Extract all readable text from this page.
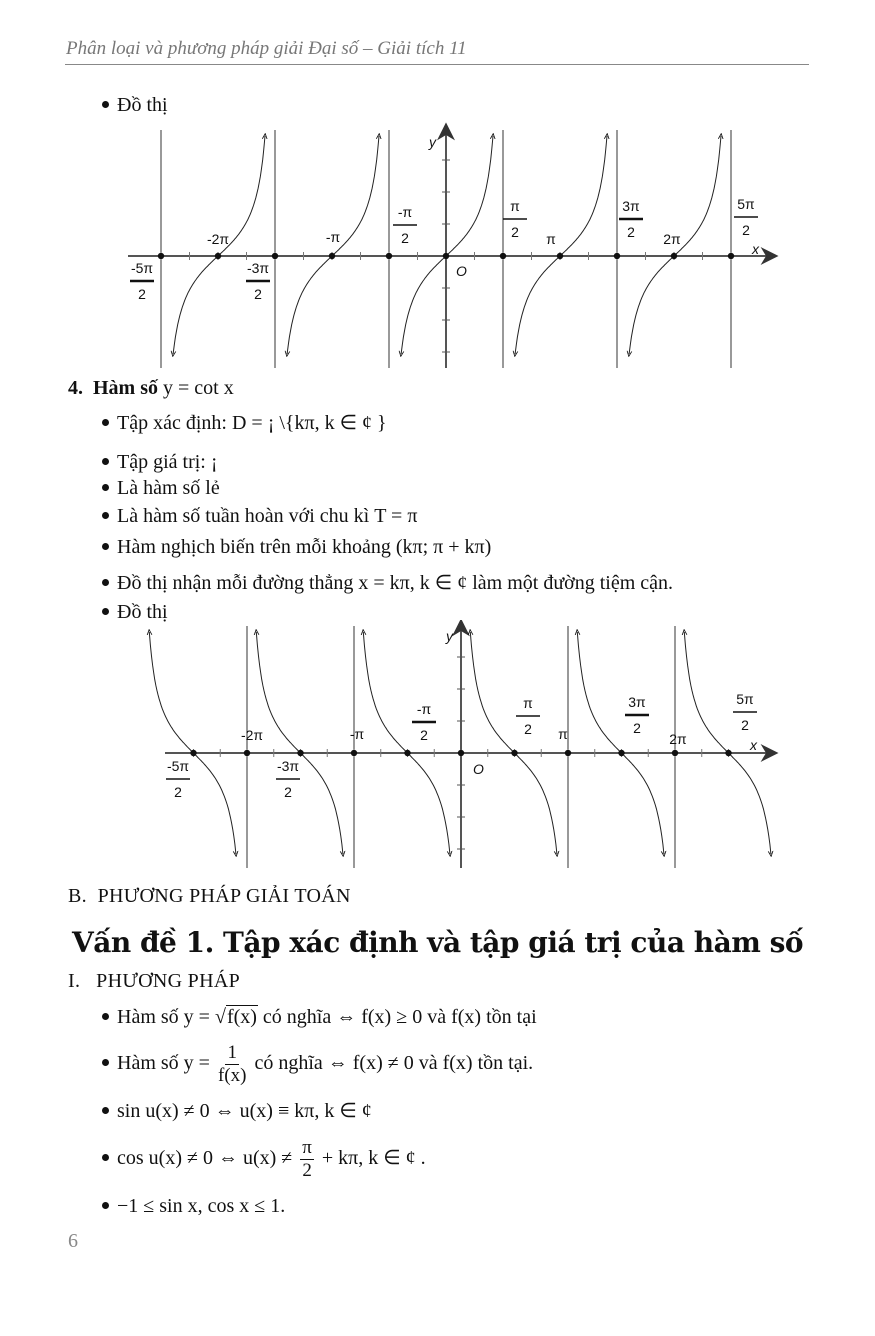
Phân loại và phương pháp giải Đại số – Giải tích 11
Đồ thị
-5π
2
-2π
-3π
2
-π
-π
2
π
2 π
3π
2 2π
5π
2
x
y
O
4. Hàm số y = cot x
Tập xác định: D = ¡ \{kπ, k ∈ ¢ }
Tập giá trị: ¡
Là hàm số lẻ
Là hàm số tuần hoàn với chu kì T = π
Hàm nghịch biến trên mỗi khoảng (kπ; π + kπ)
Đồ thị nhận mỗi đường thẳng x = kπ, k ∈ ¢ làm một đường tiệm cận.
Đồ thị
-5π
2
-2π
-3π
2
-π
-π
2
π
2 π
3π
2
2π
5π
2
x
y
O
B. PHƯƠNG PHÁP GIẢI TOÁN
Vấn đề 1. Tập xác định và tập giá trị của hàm số
I. PHƯƠNG PHÁP
Hàm số y = √f(x) có nghĩa ⇔ f(x) ≥ 0 và f(x) tồn tại
Hàm số $y = \frac{1}{f(x)}$ có nghĩa ⇔ f(x) ≠ 0 và f(x) tồn tại.
sin u(x) ≠ 0 ⇔ u(x) ≡ kπ, k ∈ ¢
cos u(x) ≠ 0 ⇔ $u(x) \ne \frac{\pi}{2} + k\pi$, k ∈ ¢ .
−1 ≤ sin x, cos x ≤ 1.
6
